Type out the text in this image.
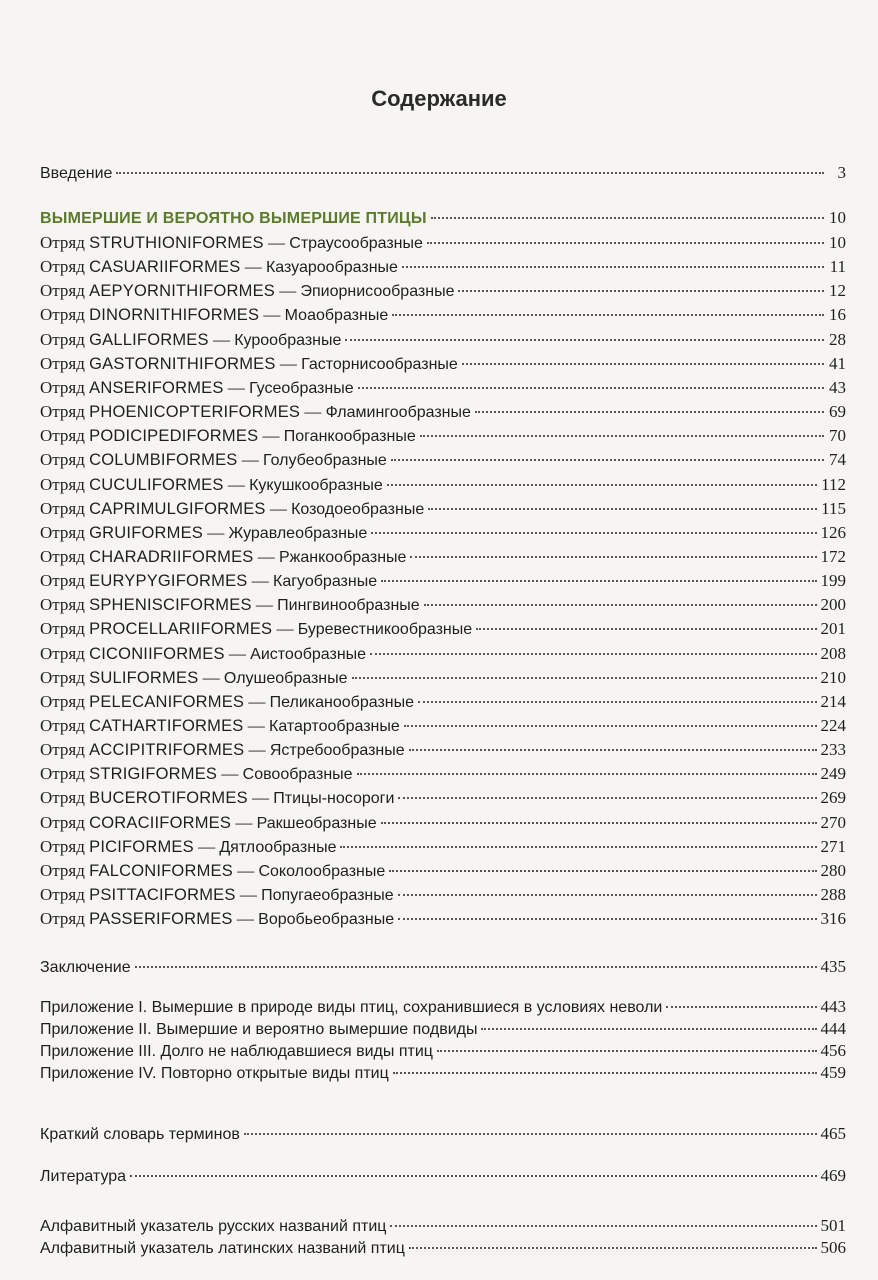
Содержание
Введение	3
ВЫМЕРШИЕ И ВЕРОЯТНО ВЫМЕРШИЕ ПТИЦЫ	10
Отряд STRUTHIONIFORMES — Страусообразные	10
Отряд CASUARIIFORMES — Казуарообразные	11
Отряд AEPYORNITHIFORMES — Эпиорнисообразные	12
Отряд DINORNITHIFORMES — Моаобразные	16
Отряд GALLIFORMES — Курообразные	28
Отряд GASTORNITHIFORMES — Гасторнисообразные	41
Отряд ANSERIFORMES — Гусеобразные	43
Отряд PHOENICOPTERIFORMES — Фламингообразные	69
Отряд PODICIPEDIFORMES — Поганкообразные	70
Отряд COLUMBIFORMES — Голубеобразные	74
Отряд CUCULIFORMES — Кукушкообразные	112
Отряд CAPRIMULGIFORMES — Козодоеобразные	115
Отряд GRUIFORMES — Журавлеобразные	126
Отряд CHARADRIIFORMES — Ржанкообразные	172
Отряд EURYPYGIFORMES — Кагуобразные	199
Отряд SPHENISCIFORMES — Пингвинообразные	200
Отряд PROCELLARIIFORMES — Буревестникообразные	201
Отряд CICONIIFORMES — Аистообразные	208
Отряд SULIFORMES — Олушеобразные	210
Отряд PELECANIFORMES — Пеликанообразные	214
Отряд CATHARTIFORMES — Катартообразные	224
Отряд ACCIPITRIFORMES — Ястребообразные	233
Отряд STRIGIFORMES — Совообразные	249
Отряд BUCEROTIFORMES — Птицы-носороги	269
Отряд CORACIIFORMES — Ракшеобразные	270
Отряд PICIFORMES — Дятлообразные	271
Отряд FALCONIFORMES — Соколообразные	280
Отряд PSITTACIFORMES — Попугаеобразные	288
Отряд PASSERIFORMES — Воробьеобразные	316
Заключение	435
Приложение I. Вымершие в природе виды птиц, сохранившиеся в условиях неволи	443
Приложение II. Вымершие и вероятно вымершие подвиды	444
Приложение III. Долго не наблюдавшиеся виды птиц	456
Приложение IV. Повторно открытые виды птиц	459
Краткий словарь терминов	465
Литература	469
Алфавитный указатель русских названий птиц	501
Алфавитный указатель латинских названий птиц	506
